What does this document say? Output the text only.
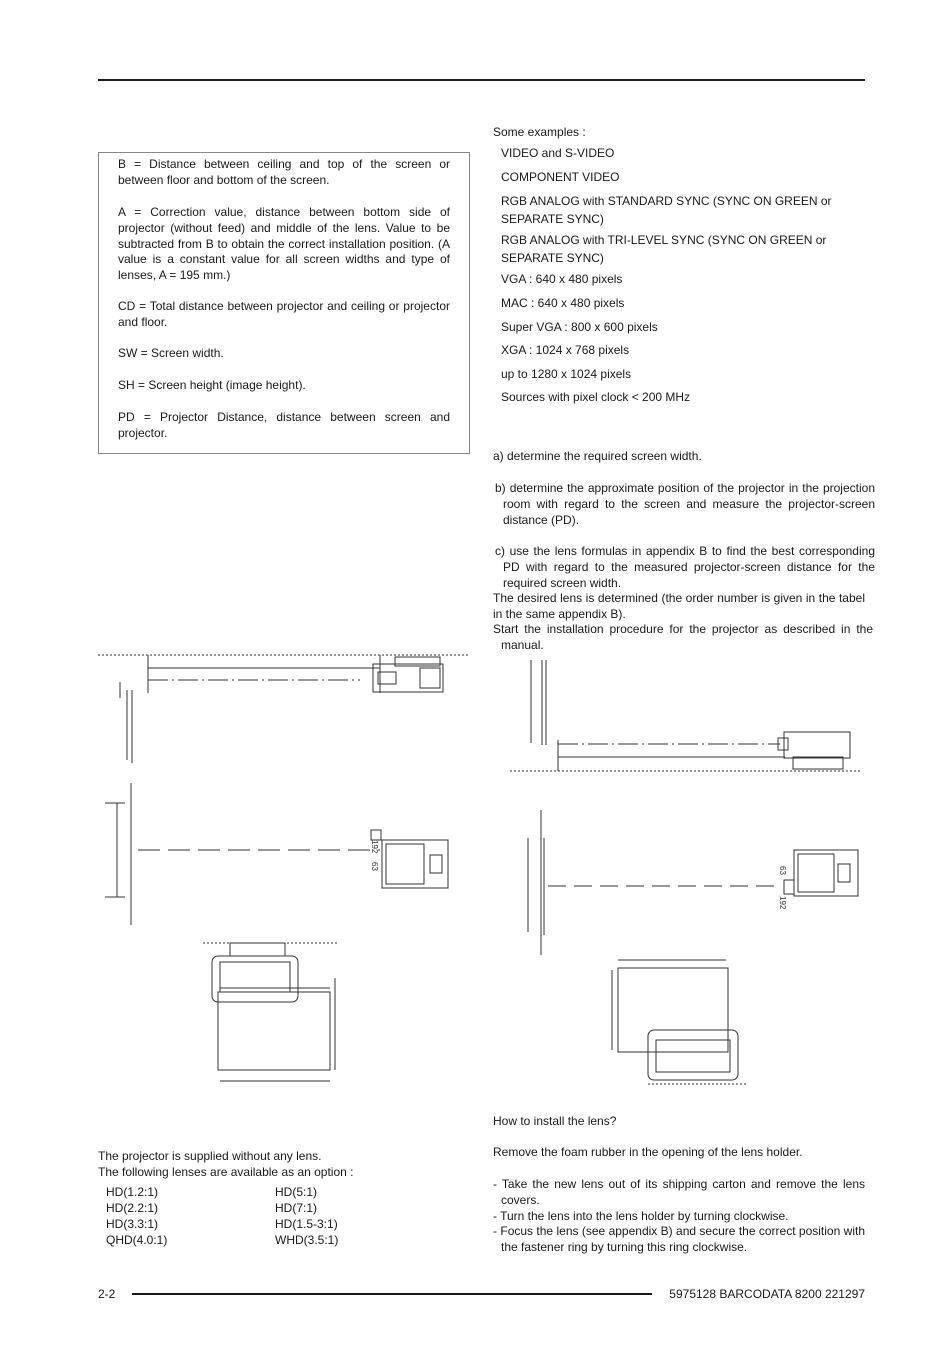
B = Distance between ceiling and top of the screen or between floor and bottom of the screen.

A = Correction value, distance between bottom side of projector (without feed) and middle of the lens. Value to be subtracted from B to obtain the correct installation position. (A value is a constant value for all screen widths and type of lenses, A = 195 mm.)

CD = Total distance between projector and ceiling or projector and floor.

SW = Screen width.

SH = Screen height (image height).

PD = Projector Distance, distance between screen and projector.

Some examples :

VIDEO and S-VIDEO
COMPONENT VIDEO
RGB ANALOG with STANDARD SYNC (SYNC ON GREEN or SEPARATE SYNC)
RGB ANALOG with TRI-LEVEL SYNC (SYNC ON GREEN or SEPARATE SYNC)
VGA : 640 x 480 pixels
MAC : 640 x 480 pixels
Super VGA : 800 x 600 pixels
XGA : 1024 x 768 pixels
up to 1280 x 1024 pixels
Sources with pixel clock < 200 MHz

a) determine the required screen width.

b) determine the approximate position of the projector in the projection room with regard to the screen and measure the projector-screen distance (PD).

c) use the lens formulas in appendix B to find the best corresponding PD with regard to the measured projector-screen distance for the required screen width.

The desired lens is determined (the order number is given in the tabel in the same appendix B).

Start the installation procedure for the projector as described in the manual.

192
63	63
192
The projector is supplied without any lens.
The following lenses are available as an option :
HD(1.2:1)	HD(5:1)
HD(2.2:1)	HD(7:1)
HD(3.3:1)	HD(1.5-3:1)
QHD(4.0:1)	WHD(3.5:1)

How to install the lens?

Remove the foam rubber in the opening of the lens holder.

- Take the new lens out of its shipping carton and remove the lens covers.

- Turn the lens into the lens holder by turning clockwise.

- Focus the lens (see appendix B) and secure the correct position with the fastener ring by turning this ring clockwise.

2-2	5975128 BARCODATA 8200 221297
